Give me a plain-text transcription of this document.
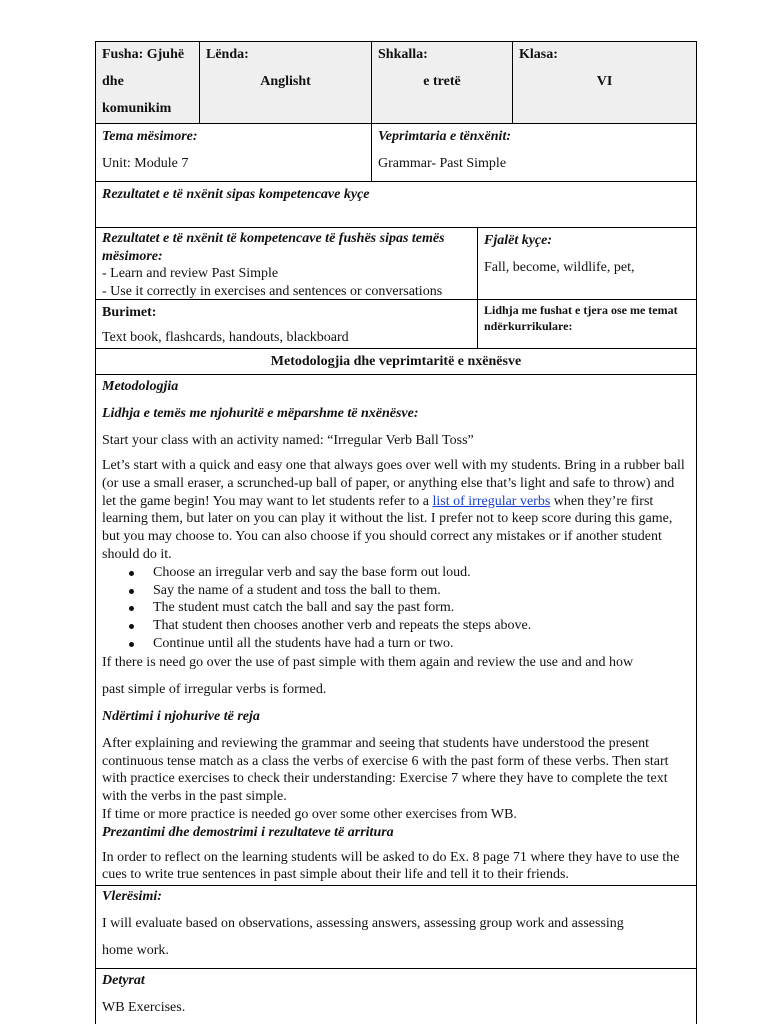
Fusha: Gjuhë
dhe
komunikim
Lënda:
Anglisht
Shkalla:
e tretë
Klasa:
VI
Tema mësimore:
Unit: Module 7
Veprimtaria e tënxënit:
Grammar- Past Simple
Rezultatet e të nxënit sipas kompetencave kyçe
Rezultatet e të nxënit të kompetencave të fushës sipas temës
mësimore:
- Learn and review Past Simple
- Use it correctly in exercises and sentences or conversations
Fjalët kyçe:
Fall, become, wildlife, pet,
Burimet:
Text book, flashcards, handouts, blackboard
Lidhja me fushat e tjera ose me temat ndërkurrikulare:
Metodologjia dhe veprimtaritë e nxënësve
Metodologjia
Lidhja e temës me njohuritë e mëparshme të nxënësve:
Start your class with an activity named: “Irregular Verb Ball Toss”

Let’s start with a quick and easy one that always goes over well with my students. Bring in a rubber ball (or use a small eraser, a scrunched-up ball of paper, or anything else that’s light and safe to throw) and let the game begin! You may want to let students refer to a list of irregular verbs when they’re first learning them, but later on you can play it without the list. I prefer not to keep score during this game, but you may choose to. You can also choose if you should correct any mistakes or if another student should do it.

Choose an irregular verb and say the base form out loud.
Say the name of a student and toss the ball to them.
The student must catch the ball and say the past form.
That student then chooses another verb and repeats the steps above.
Continue until all the students have had a turn or two.
If there is need go over the use of past simple with them again and review the use and and how
past simple of irregular verbs is formed.
Ndërtimi i njohurive të reja

After explaining and reviewing the grammar and seeing that students have understood the present continuous tense match as a class the verbs of exercise 6 with the past form of these verbs. Then start with practice exercises to check their understanding: Exercise 7 where they have to complete the text with the verbs in the past simple.

If time or more practice is needed go over some other exercises from WB.

Prezantimi dhe demostrimi i rezultateve të arritura

In order to reflect on the learning students will be asked to do Ex. 8 page 71 where they have to use the cues to write true sentences in past simple about their life and tell it to their friends.

Vlerësimi:
I will evaluate based on observations, assessing answers, assessing group work and assessing
home work.
Detyrat
WB Exercises.
